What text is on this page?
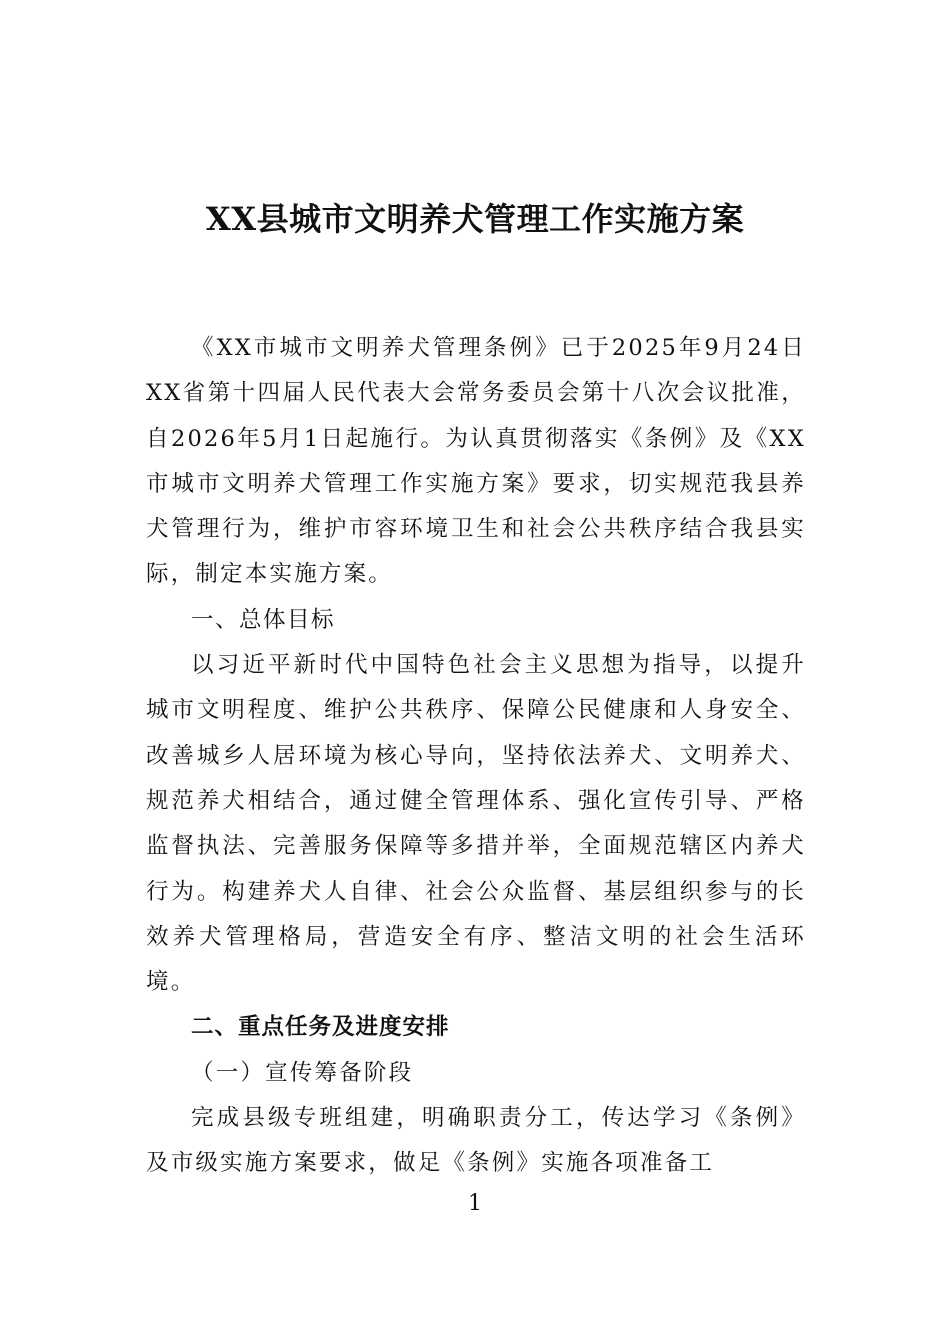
XX县城市文明养犬管理工作实施方案

《XX市城市文明养犬管理条例》已于2025年9月24日XX省第十四届人民代表大会常务委员会第十八次会议批准，自2026年5月1日起施行。为认真贯彻落实《条例》及《XX市城市文明养犬管理工作实施方案》要求，切实规范我县养犬管理行为，维护市容环境卫生和社会公共秩序结合我县实际，制定本实施方案。

一、总体目标

以习近平新时代中国特色社会主义思想为指导，以提升城市文明程度、维护公共秩序、保障公民健康和人身安全、改善城乡人居环境为核心导向，坚持依法养犬、文明养犬、规范养犬相结合，通过健全管理体系、强化宣传引导、严格监督执法、完善服务保障等多措并举，全面规范辖区内养犬行为。构建养犬人自律、社会公众监督、基层组织参与的长效养犬管理格局，营造安全有序、整洁文明的社会生活环境。

二、重点任务及进度安排
（一）宣传筹备阶段

完成县级专班组建，明确职责分工，传达学习《条例》及市级实施方案要求，做足《条例》实施各项准备工

1
